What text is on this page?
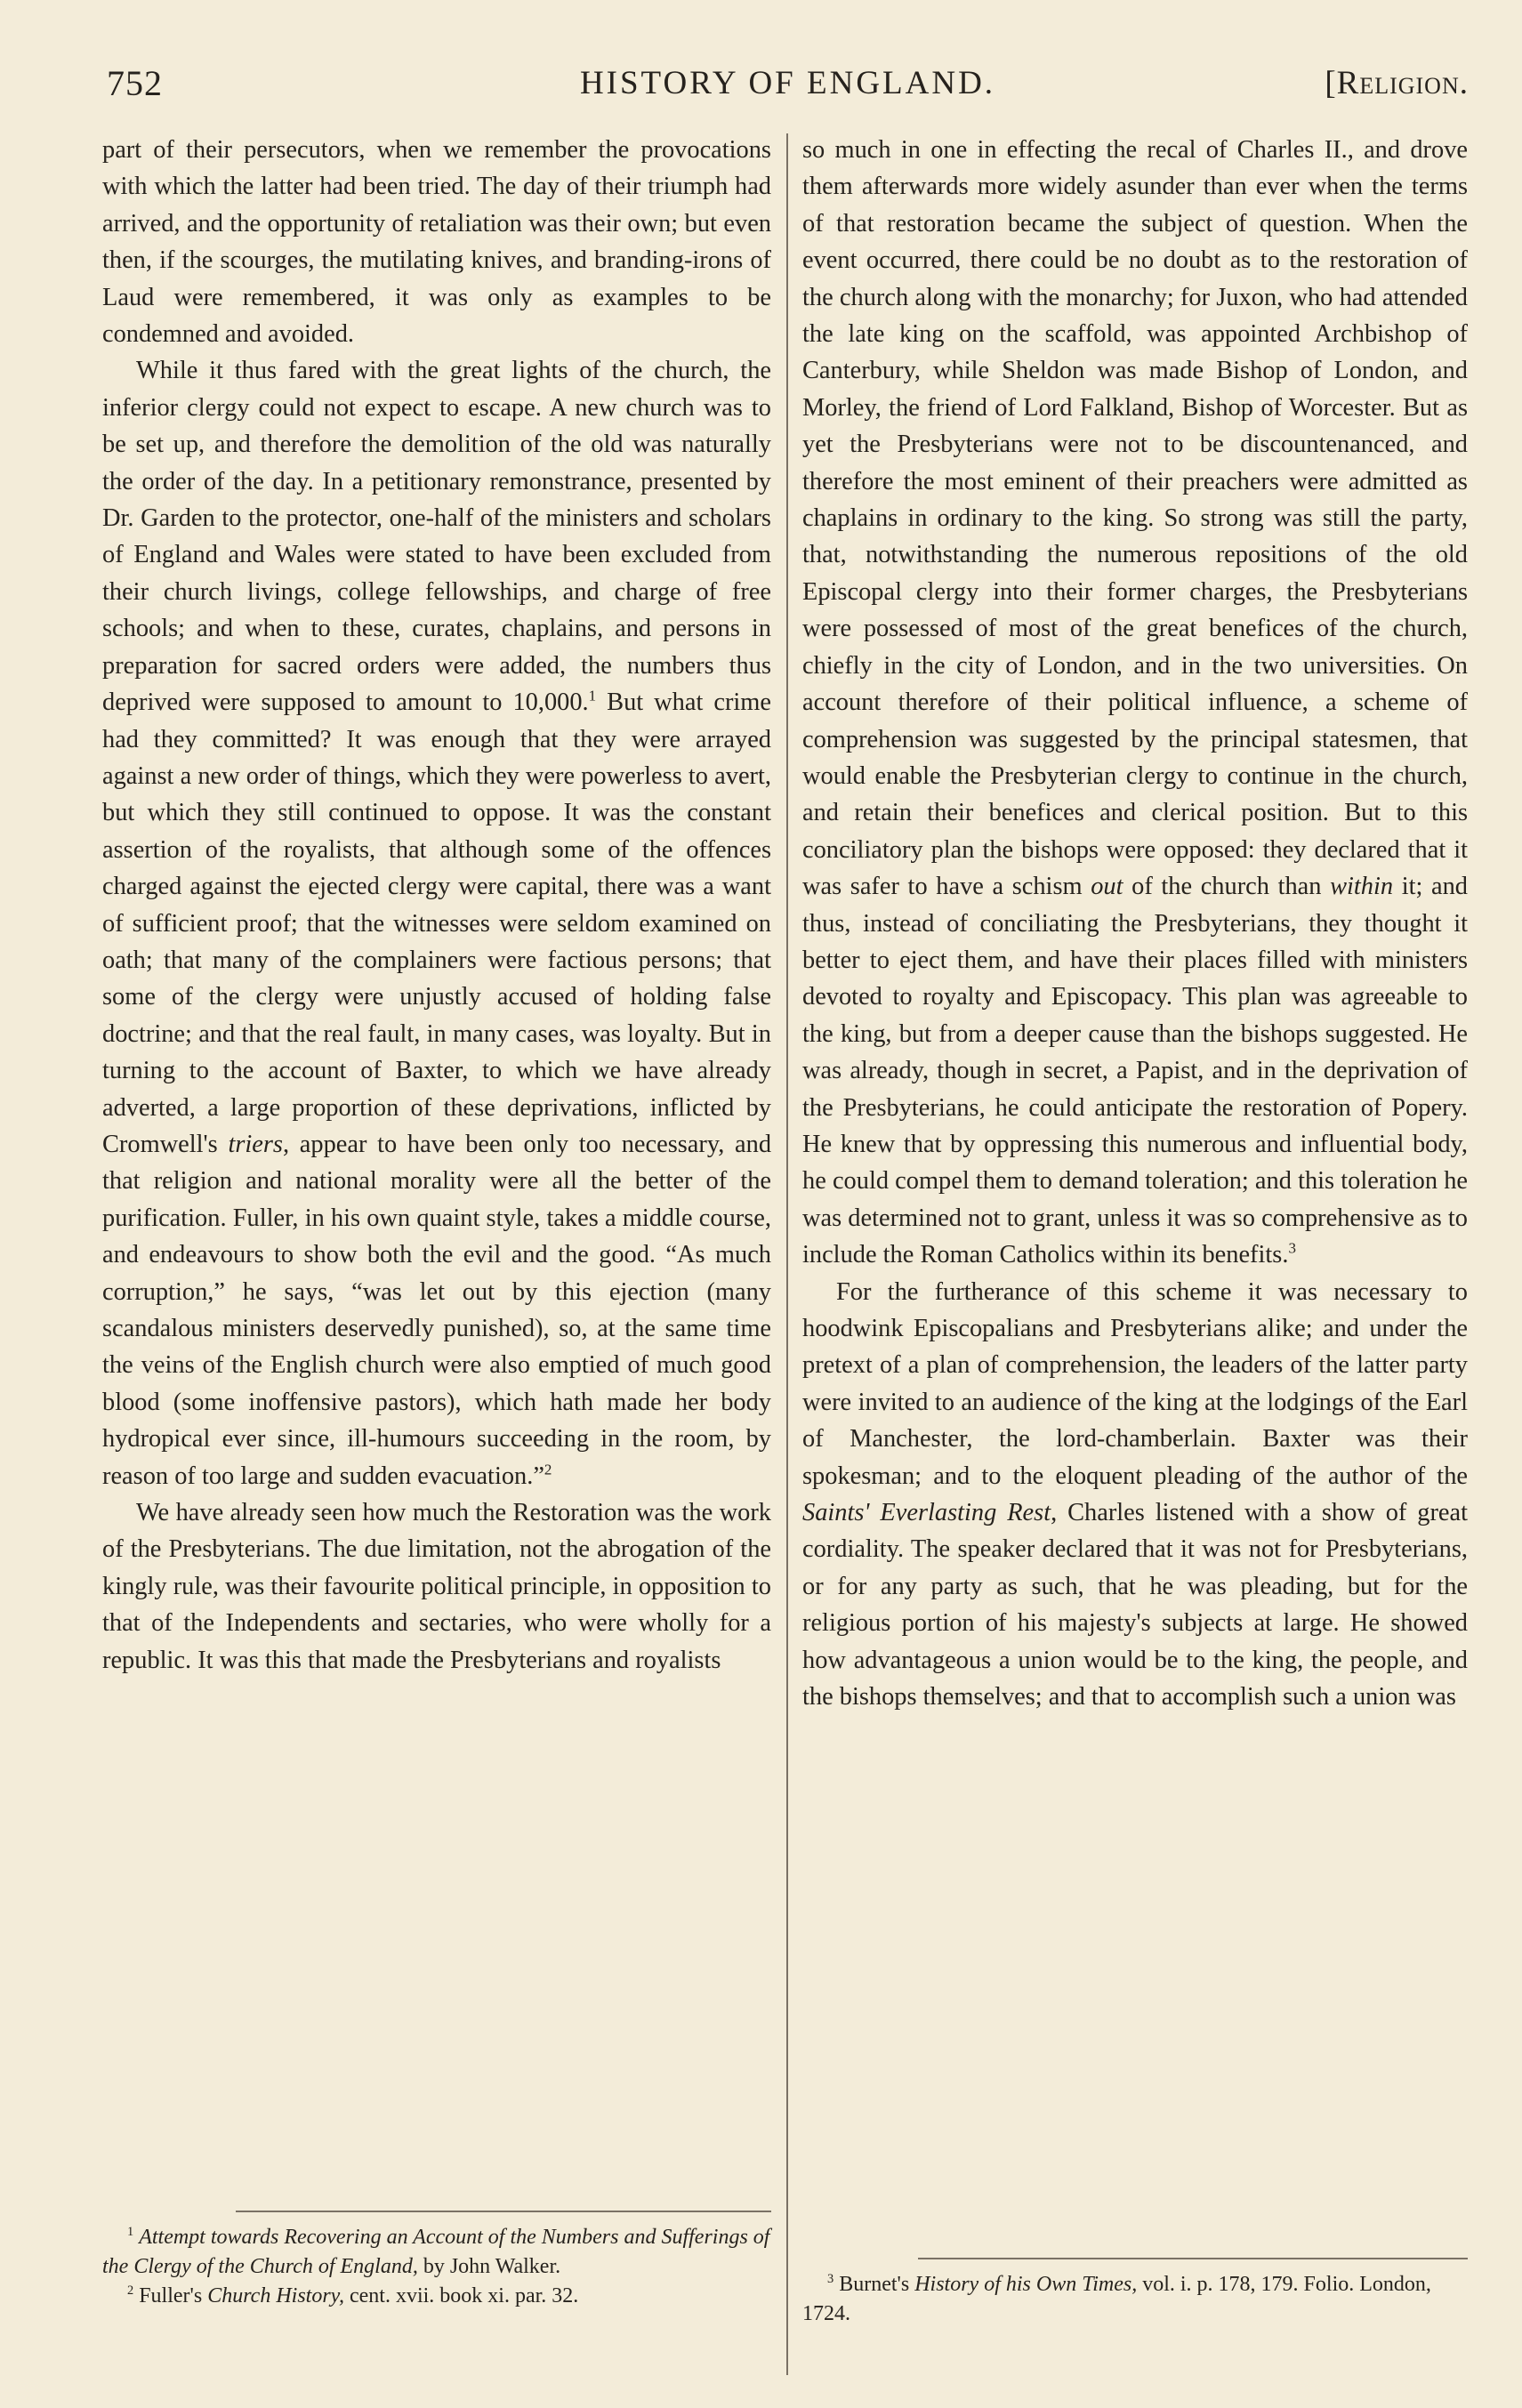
752	HISTORY OF ENGLAND.	[Religion.

part of their persecutors, when we remember the provocations with which the latter had been tried. The day of their triumph had arrived, and the opportunity of retaliation was their own; but even then, if the scourges, the mutilating knives, and branding-irons of Laud were remembered, it was only as examples to be condemned and avoided.

While it thus fared with the great lights of the church, the inferior clergy could not expect to escape. A new church was to be set up, and therefore the demolition of the old was naturally the order of the day. In a petitionary remonstrance, presented by Dr. Garden to the protector, one-half of the ministers and scholars of England and Wales were stated to have been excluded from their church livings, college fellowships, and charge of free schools; and when to these, curates, chaplains, and persons in preparation for sacred orders were added, the numbers thus deprived were supposed to amount to 10,000.$^1$ But what crime had they committed? It was enough that they were arrayed against a new order of things, which they were powerless to avert, but which they still continued to oppose. It was the constant assertion of the royalists, that although some of the offences charged against the ejected clergy were capital, there was a want of sufficient proof; that the witnesses were seldom examined on oath; that many of the complainers were factious persons; that some of the clergy were unjustly accused of holding false doctrine; and that the real fault, in many cases, was loyalty. But in turning to the account of Baxter, to which we have already adverted, a large proportion of these deprivations, inflicted by Cromwell's triers, appear to have been only too necessary, and that religion and national morality were all the better of the purification. Fuller, in his own quaint style, takes a middle course, and endeavours to show both the evil and the good. “As much corruption,” he says, “was let out by this ejection (many scandalous ministers deservedly punished), so, at the same time the veins of the English church were also emptied of much good blood (some inoffensive pastors), which hath made her body hydropical ever since, ill-humours succeeding in the room, by reason of too large and sudden evacuation.”$^2$

We have already seen how much the Restoration was the work of the Presbyterians. The due limitation, not the abrogation of the kingly rule, was their favourite political principle, in opposition to that of the Independents and sectaries, who were wholly for a republic. It was this that made the Presbyterians and royalists

so much in one in effecting the recal of Charles II., and drove them afterwards more widely asunder than ever when the terms of that restoration became the subject of question. When the event occurred, there could be no doubt as to the restoration of the church along with the monarchy; for Juxon, who had attended the late king on the scaffold, was appointed Archbishop of Canterbury, while Sheldon was made Bishop of London, and Morley, the friend of Lord Falkland, Bishop of Worcester. But as yet the Presbyterians were not to be discountenanced, and therefore the most eminent of their preachers were admitted as chaplains in ordinary to the king. So strong was still the party, that, notwithstanding the numerous repositions of the old Episcopal clergy into their former charges, the Presbyterians were possessed of most of the great benefices of the church, chiefly in the city of London, and in the two universities. On account therefore of their political influence, a scheme of comprehension was suggested by the principal statesmen, that would enable the Presbyterian clergy to continue in the church, and retain their benefices and clerical position. But to this conciliatory plan the bishops were opposed: they declared that it was safer to have a schism out of the church than within it; and thus, instead of conciliating the Presbyterians, they thought it better to eject them, and have their places filled with ministers devoted to royalty and Episcopacy. This plan was agreeable to the king, but from a deeper cause than the bishops suggested. He was already, though in secret, a Papist, and in the deprivation of the Presbyterians, he could anticipate the restoration of Popery. He knew that by oppressing this numerous and influential body, he could compel them to demand toleration; and this toleration he was determined not to grant, unless it was so comprehensive as to include the Roman Catholics within its benefits.$^3$

For the furtherance of this scheme it was necessary to hoodwink Episcopalians and Presbyterians alike; and under the pretext of a plan of comprehension, the leaders of the latter party were invited to an audience of the king at the lodgings of the Earl of Manchester, the lord-chamberlain. Baxter was their spokesman; and to the eloquent pleading of the author of the Saints' Everlasting Rest, Charles listened with a show of great cordiality. The speaker declared that it was not for Presbyterians, or for any party as such, that he was pleading, but for the religious portion of his majesty's subjects at large. He showed how advantageous a union would be to the king, the people, and the bishops themselves; and that to accomplish such a union was

$^1$ Attempt towards Recovering an Account of the Numbers and Sufferings of the Clergy of the Church of England, by John Walker.

$^2$ Fuller's Church History, cent. xvii. book xi. par. 32.

$^3$ Burnet's History of his Own Times, vol. i. p. 178, 179. Folio. London, 1724.
